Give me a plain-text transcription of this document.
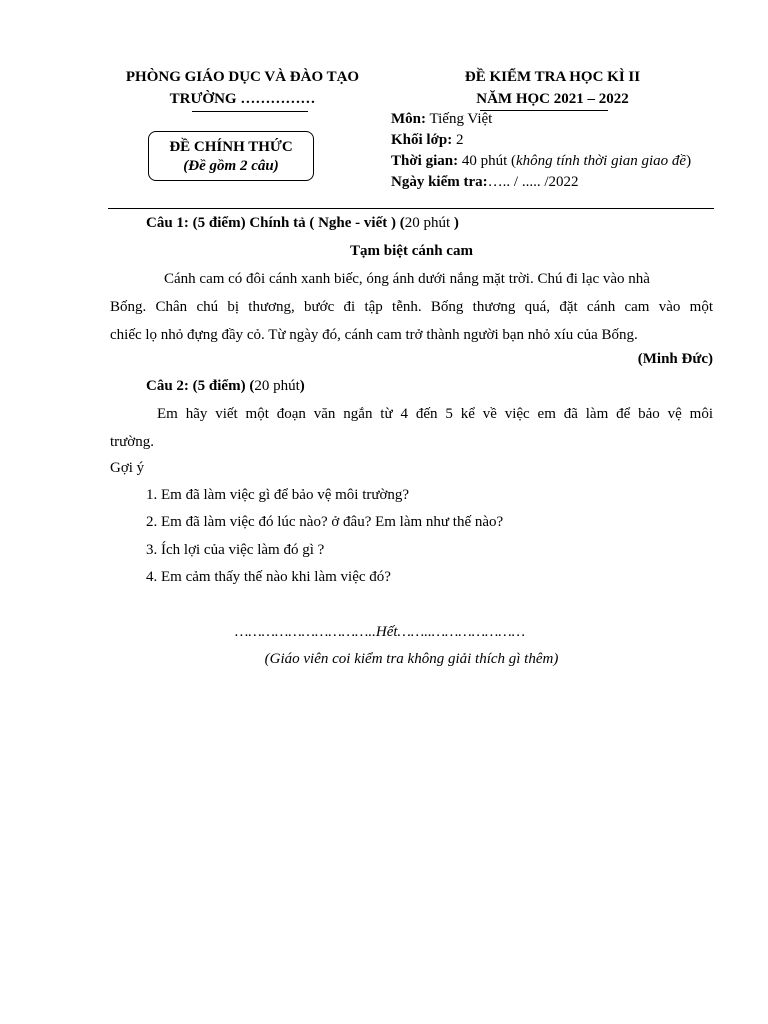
PHÒNG GIÁO DỤC VÀ ĐÀO TẠO
TRƯỜNG ……………
ĐỀ KIỂM TRA HỌC KÌ II
NĂM HỌC 2021 – 2022
ĐỀ CHÍNH THỨC
(Đề gồm 2 câu)
Môn: Tiếng Việt
Khối lớp: 2
Thời gian: 40 phút (không tính thời gian giao đề)
Ngày kiểm tra:….. / ..... /2022
Câu 1: (5 điểm) Chính tả ( Nghe - viết ) (20 phút )
Tạm biệt cánh cam
Cánh cam có đôi cánh xanh biếc, óng ánh dưới nắng mặt trời. Chú đi lạc vào nhà
Bống. Chân chú bị thương, bước đi tập tễnh. Bống thương quá, đặt cánh cam vào một
chiếc lọ nhỏ đựng đầy cỏ. Từ ngày đó, cánh cam trở thành người bạn nhỏ xíu của Bống.
(Minh Đức)
Câu 2: (5 điểm) (20 phút)
Em hãy viết một đoạn văn ngắn từ 4 đến 5 kể về việc em đã làm để bảo vệ môi
trường.
Gợi ý
1. Em đã làm việc gì để bảo vệ môi trường?
2. Em đã làm việc đó lúc nào? ở đâu? Em làm như thế nào?
3. Ích lợi của việc làm đó gì ?
4. Em cảm thấy thế nào khi làm việc đó?
…………………………..Hết……..…………………
(Giáo viên coi kiểm tra không giải thích gì thêm)
